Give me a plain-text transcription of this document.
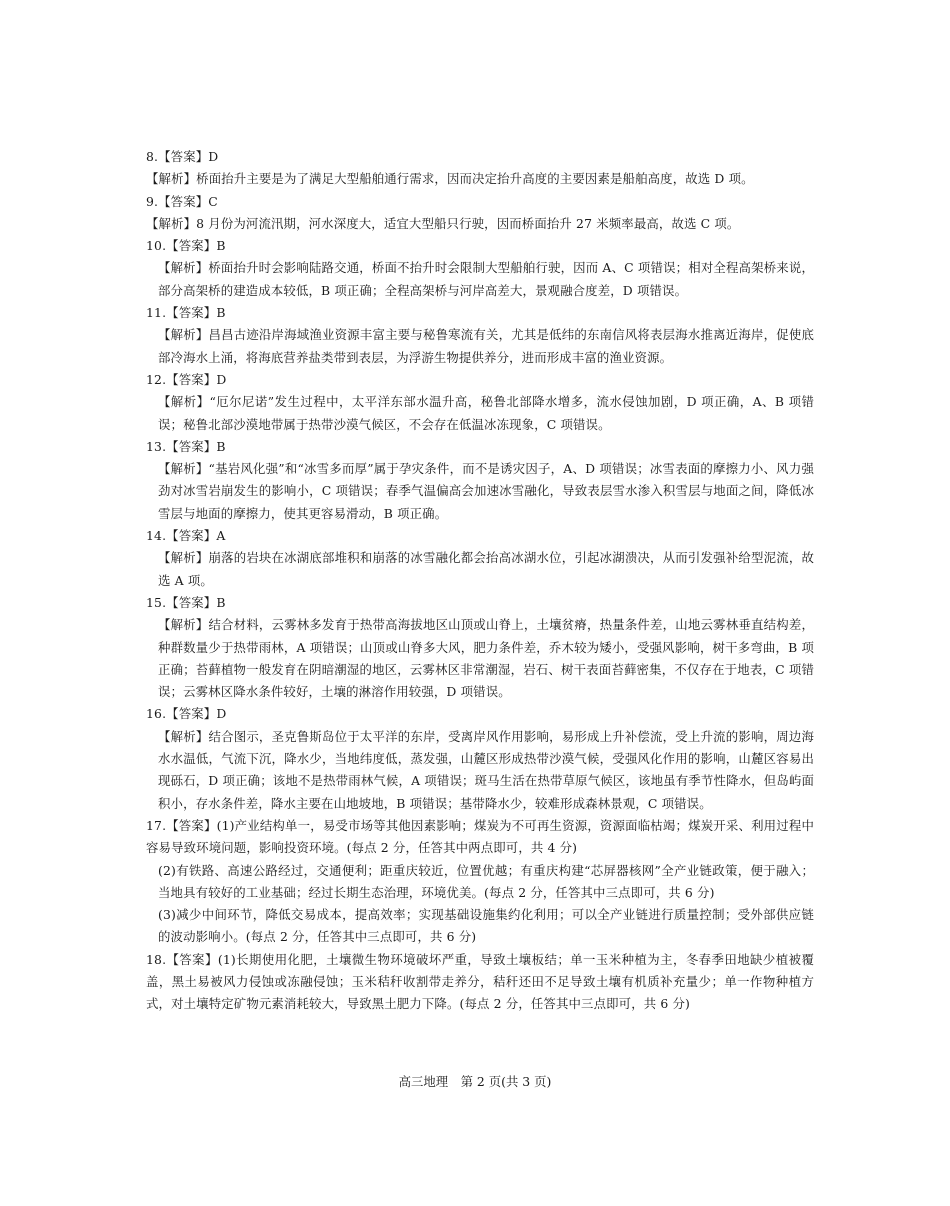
8.【答案】D
【解析】桥面抬升主要是为了满足大型船舶通行需求，因而决定抬升高度的主要因素是船舶高度，故选 D 项。
9.【答案】C
【解析】8 月份为河流汛期，河水深度大，适宜大型船只行驶，因而桥面抬升 27 米频率最高，故选 C 项。
10.【答案】B
【解析】桥面抬升时会影响陆路交通，桥面不抬升时会限制大型船舶行驶，因而 A、C 项错误；相对全程高架桥来说，部分高架桥的建造成本较低，B 项正确；全程高架桥与河岸高差大，景观融合度差，D 项错误。
11.【答案】B
【解析】昌昌古迹沿岸海域渔业资源丰富主要与秘鲁寒流有关，尤其是低纬的东南信风将表层海水推离近海岸，促使底部冷海水上涌，将海底营养盐类带到表层，为浮游生物提供养分，进而形成丰富的渔业资源。
12.【答案】D
【解析】“厄尔尼诺”发生过程中，太平洋东部水温升高，秘鲁北部降水增多，流水侵蚀加剧，D 项正确，A、B 项错误；秘鲁北部沙漠地带属于热带沙漠气候区，不会存在低温冰冻现象，C 项错误。
13.【答案】B
【解析】“基岩风化强”和“冰雪多而厚”属于孕灾条件，而不是诱灾因子，A、D 项错误；冰雪表面的摩擦力小、风力强劲对冰雪岩崩发生的影响小，C 项错误；春季气温偏高会加速冰雪融化，导致表层雪水渗入积雪层与地面之间，降低冰雪层与地面的摩擦力，使其更容易滑动，B 项正确。
14.【答案】A
【解析】崩落的岩块在冰湖底部堆积和崩落的冰雪融化都会抬高冰湖水位，引起冰湖溃决，从而引发强补给型泥流，故选 A 项。
15.【答案】B
【解析】结合材料，云雾林多发育于热带高海拔地区山顶或山脊上，土壤贫瘠，热量条件差，山地云雾林垂直结构差，种群数量少于热带雨林，A 项错误；山顶或山脊多大风，肥力条件差，乔木较为矮小，受强风影响，树干多弯曲，B 项正确；苔藓植物一般发育在阴暗潮湿的地区，云雾林区非常潮湿，岩石、树干表面苔藓密集，不仅存在于地表，C 项错误；云雾林区降水条件较好，土壤的淋溶作用较强，D 项错误。
16.【答案】D
【解析】结合图示，圣克鲁斯岛位于太平洋的东岸，受离岸风作用影响，易形成上升补偿流，受上升流的影响，周边海水水温低，气流下沉，降水少，当地纬度低，蒸发强，山麓区形成热带沙漠气候，受强风化作用的影响，山麓区容易出现砾石，D 项正确；该地不是热带雨林气候，A 项错误；斑马生活在热带草原气候区，该地虽有季节性降水，但岛屿面积小，存水条件差，降水主要在山地坡地，B 项错误；基带降水少，较难形成森林景观，C 项错误。
17.【答案】(1)产业结构单一，易受市场等其他因素影响；煤炭为不可再生资源，资源面临枯竭；煤炭开采、利用过程中容易导致环境问题，影响投资环境。(每点 2 分，任答其中两点即可，共 4 分)
(2)有铁路、高速公路经过，交通便利；距重庆较近，位置优越；有重庆构建“芯屏器核网”全产业链政策，便于融入；当地具有较好的工业基础；经过长期生态治理，环境优美。(每点 2 分，任答其中三点即可，共 6 分)
(3)减少中间环节，降低交易成本，提高效率；实现基础设施集约化利用；可以全产业链进行质量控制；受外部供应链的波动影响小。(每点 2 分，任答其中三点即可，共 6 分)
18.【答案】(1)长期使用化肥，土壤微生物环境破坏严重，导致土壤板结；单一玉米种植为主，冬春季田地缺少植被覆盖，黑土易被风力侵蚀或冻融侵蚀；玉米秸秆收割带走养分，秸秆还田不足导致土壤有机质补充量少；单一作物种植方式，对土壤特定矿物元素消耗较大，导致黑土肥力下降。(每点 2 分，任答其中三点即可，共 6 分)
高三地理　第 2 页(共 3 页)
